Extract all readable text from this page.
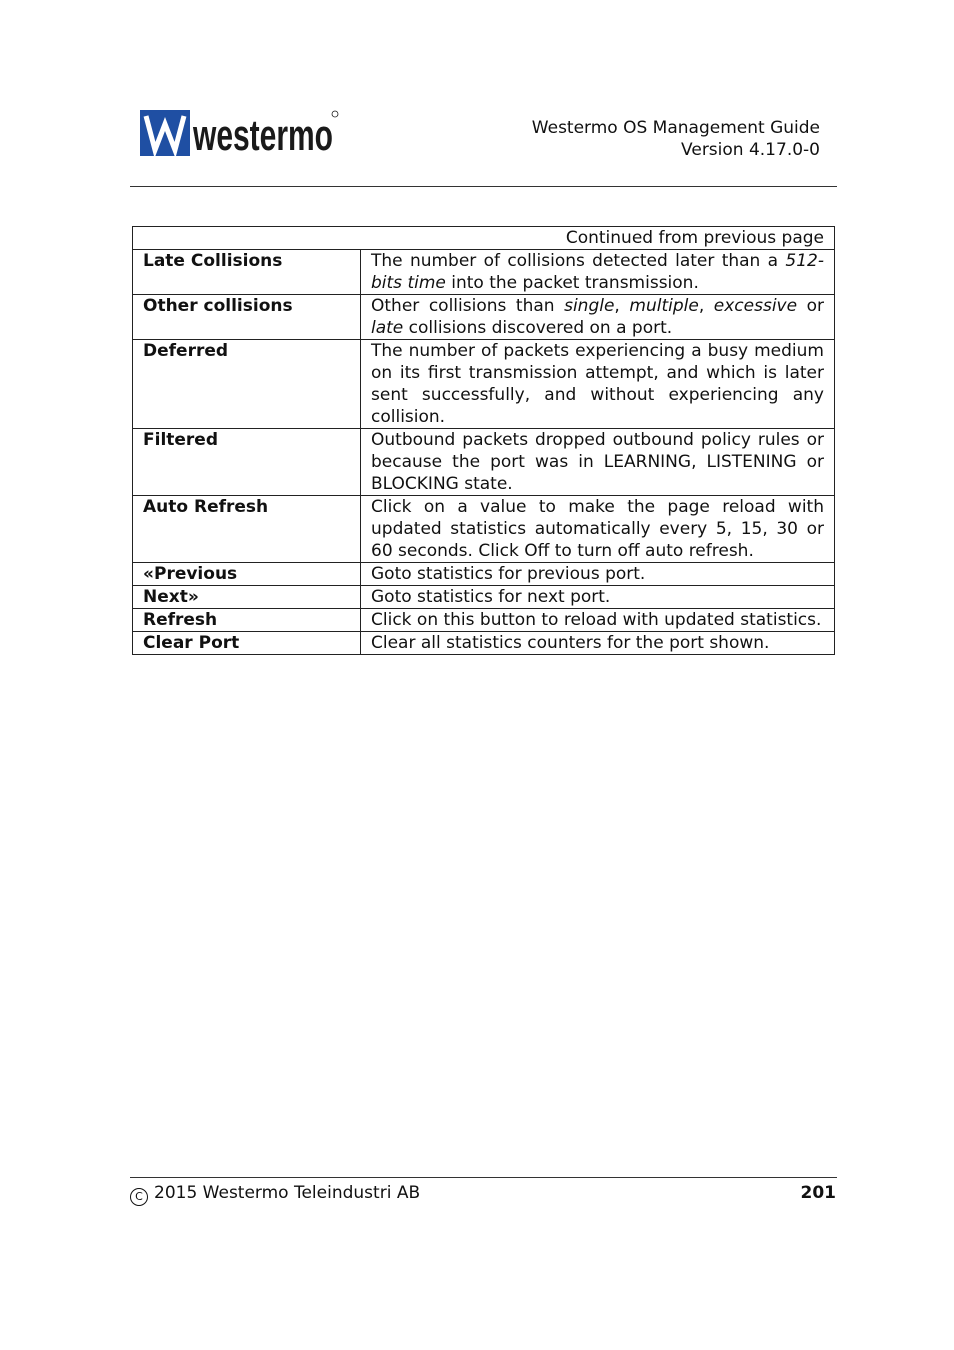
westermo	Westermo OS Management Guide
Version 4.17.0-0
Continued from previous page	
Late Collisions	The number of collisions detected later than a 512-bits time into the packet transmission.
Other collisions	Other collisions than single, multiple, excessive or late collisions discovered on a port.
Deferred	The number of packets experiencing a busy medium on its first transmission attempt, and which is later sent successfully, and without experiencing any collision.
Filtered	Outbound packets dropped outbound policy rules or because the port was in LEARNING, LISTENING or BLOCKING state.
Auto Refresh	Click on a value to make the page reload with updated statistics automatically every 5, 15, 30 or 60 seconds. Click Off to turn off auto refresh.
«Previous	Goto statistics for previous port.
Next»	Goto statistics for next port.
Refresh	Click on this button to reload with updated statistics.
Clear Port	Clear all statistics counters for the port shown.
C 2015 Westermo Teleindustri AB	201
